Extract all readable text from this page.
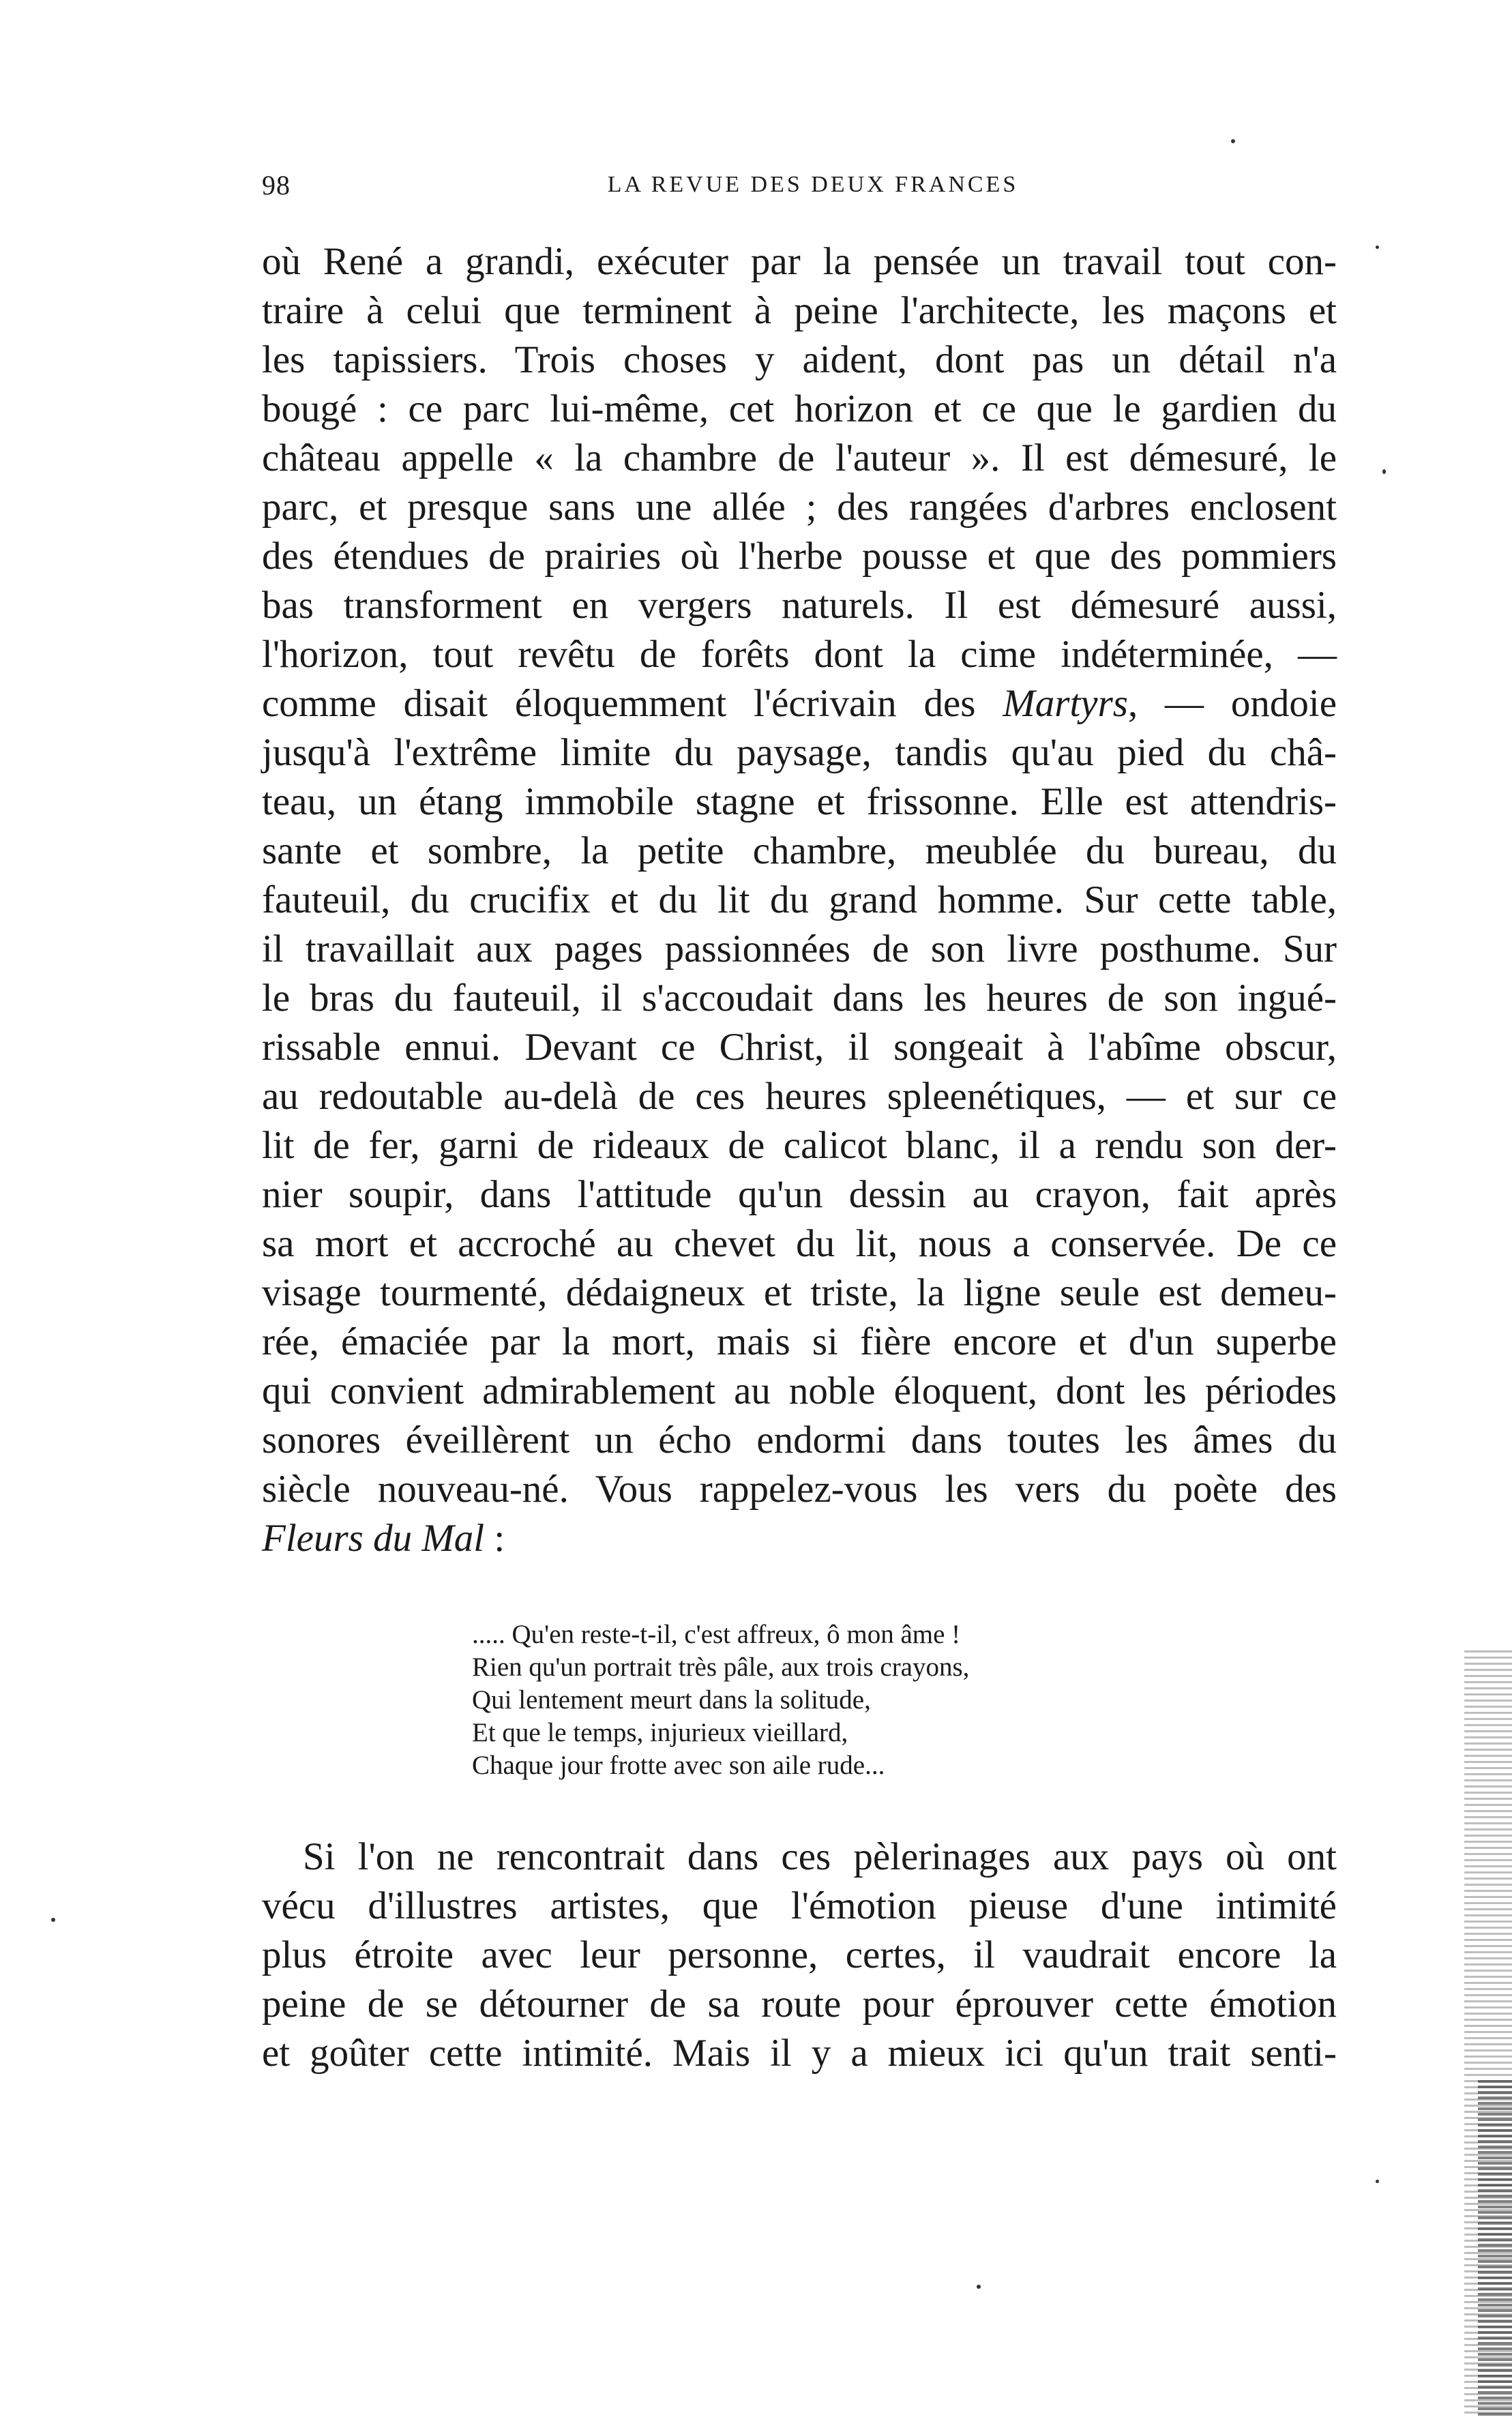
98	LA REVUE DES DEUX FRANCES
où René a grandi, exécuter par la pensée un travail tout con-
traire à celui que terminent à peine l'architecte, les maçons et
les tapissiers. Trois choses y aident, dont pas un détail n'a
bougé : ce parc lui-même, cet horizon et ce que le gardien du
château appelle « la chambre de l'auteur ». Il est démesuré, le
parc, et presque sans une allée ; des rangées d'arbres enclosent
des étendues de prairies où l'herbe pousse et que des pommiers
bas transforment en vergers naturels. Il est démesuré aussi,
l'horizon, tout revêtu de forêts dont la cime indéterminée, —
comme disait éloquemment l'écrivain des Martyrs, — ondoie
jusqu'à l'extrême limite du paysage, tandis qu'au pied du châ-
teau, un étang immobile stagne et frissonne. Elle est attendris-
sante et sombre, la petite chambre, meublée du bureau, du
fauteuil, du crucifix et du lit du grand homme. Sur cette table,
il travaillait aux pages passionnées de son livre posthume. Sur
le bras du fauteuil, il s'accoudait dans les heures de son ingué-
rissable ennui. Devant ce Christ, il songeait à l'abîme obscur,
au redoutable au-delà de ces heures spleenétiques, — et sur ce
lit de fer, garni de rideaux de calicot blanc, il a rendu son der-
nier soupir, dans l'attitude qu'un dessin au crayon, fait après
sa mort et accroché au chevet du lit, nous a conservée. De ce
visage tourmenté, dédaigneux et triste, la ligne seule est demeu-
rée, émaciée par la mort, mais si fière encore et d'un superbe
qui convient admirablement au noble éloquent, dont les périodes
sonores éveillèrent un écho endormi dans toutes les âmes du
siècle nouveau-né. Vous rappelez-vous les vers du poète des
Fleurs du Mal :
..... Qu'en reste-t-il, c'est affreux, ô mon âme !
Rien qu'un portrait très pâle, aux trois crayons,
Qui lentement meurt dans la solitude,
Et que le temps, injurieux vieillard,
Chaque jour frotte avec son aile rude...
Si l'on ne rencontrait dans ces pèlerinages aux pays où ont
vécu d'illustres artistes, que l'émotion pieuse d'une intimité
plus étroite avec leur personne, certes, il vaudrait encore la
peine de se détourner de sa route pour éprouver cette émotion
et goûter cette intimité. Mais il y a mieux ici qu'un trait senti-
